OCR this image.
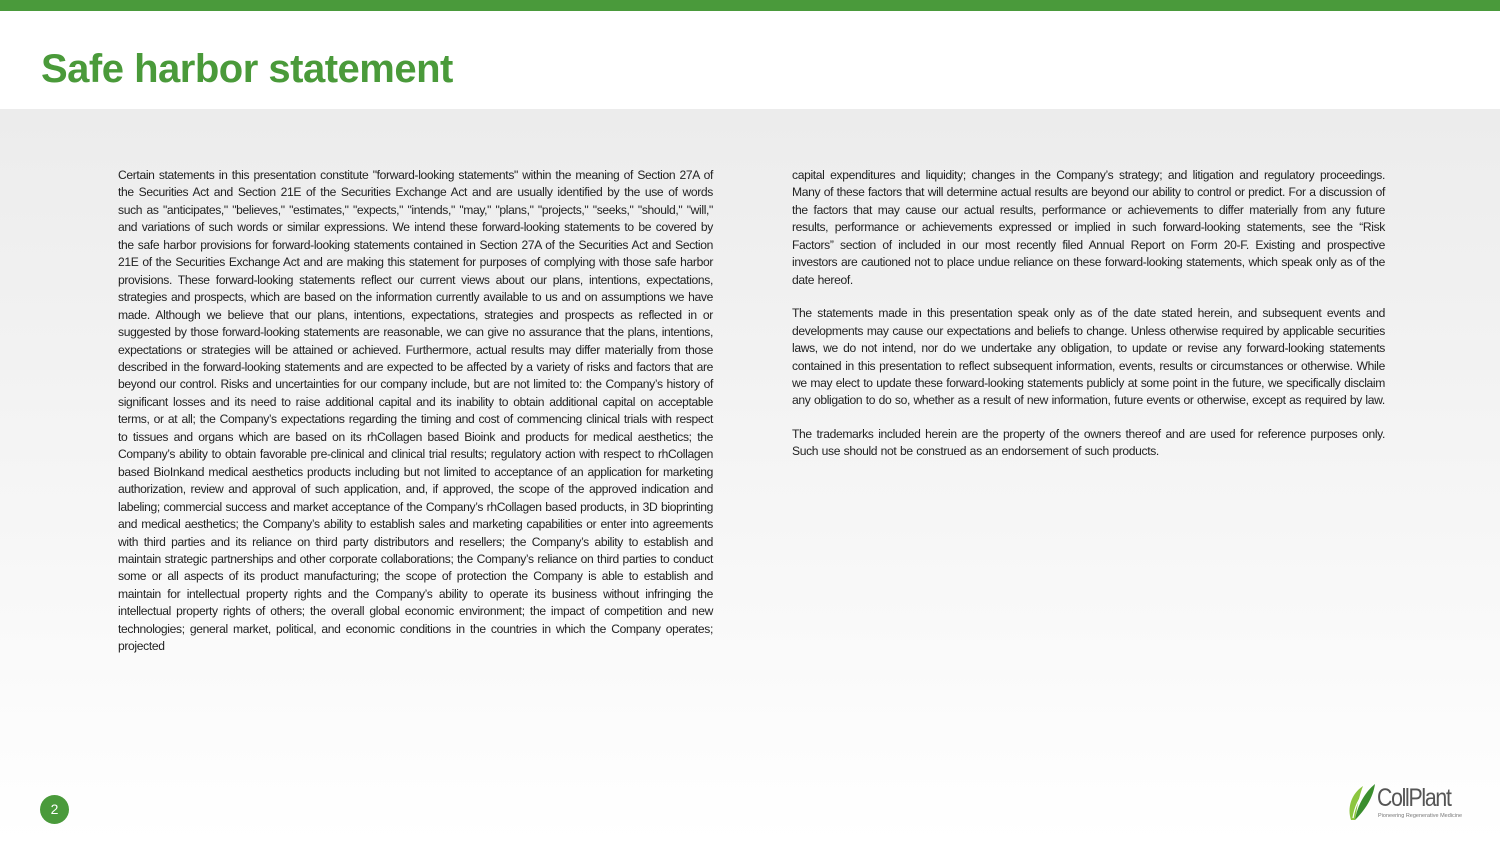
Safe harbor statement

Certain statements in this presentation constitute "forward-looking statements" within the meaning of Section 27A of the Securities Act and Section 21E of the Securities Exchange Act and are usually identified by the use of words such as "anticipates," "believes," "estimates," "expects," "intends," "may," "plans," "projects," "seeks," "should," "will," and variations of such words or similar expressions. We intend these forward-looking statements to be covered by the safe harbor provisions for forward-looking statements contained in Section 27A of the Securities Act and Section 21E of the Securities Exchange Act and are making this statement for purposes of complying with those safe harbor provisions. These forward-looking statements reflect our current views about our plans, intentions, expectations, strategies and prospects, which are based on the information currently available to us and on assumptions we have made. Although we believe that our plans, intentions, expectations, strategies and prospects as reflected in or suggested by those forward-looking statements are reasonable, we can give no assurance that the plans, intentions, expectations or strategies will be attained or achieved. Furthermore, actual results may differ materially from those described in the forward-looking statements and are expected to be affected by a variety of risks and factors that are beyond our control. Risks and uncertainties for our company include, but are not limited to: the Company’s history of significant losses and its need to raise additional capital and its inability to obtain additional capital on acceptable terms, or at all; the Company’s expectations regarding the timing and cost of commencing clinical trials with respect to tissues and organs which are based on its rhCollagen based Bioink and products for medical aesthetics; the Company’s ability to obtain favorable pre-clinical and clinical trial results; regulatory action with respect to rhCollagen based BioInkand medical aesthetics products including but not limited to acceptance of an application for marketing authorization, review and approval of such application, and, if approved, the scope of the approved indication and labeling; commercial success and market acceptance of the Company’s rhCollagen based products, in 3D bioprinting and medical aesthetics; the Company’s ability to establish sales and marketing capabilities or enter into agreements with third parties and its reliance on third party distributors and resellers; the Company’s ability to establish and maintain strategic partnerships and other corporate collaborations; the Company’s reliance on third parties to conduct some or all aspects of its product manufacturing; the scope of protection the Company is able to establish and maintain for intellectual property rights and the Company’s ability to operate its business without infringing the intellectual property rights of others; the overall global economic environment; the impact of competition and new technologies; general market, political, and economic conditions in the countries in which the Company operates; projected

capital expenditures and liquidity; changes in the Company’s strategy; and litigation and regulatory proceedings. Many of these factors that will determine actual results are beyond our ability to control or predict. For a discussion of the factors that may cause our actual results, performance or achievements to differ materially from any future results, performance or achievements expressed or implied in such forward-looking statements, see the “Risk Factors” section of included in our most recently filed Annual Report on Form 20-F. Existing and prospective investors are cautioned not to place undue reliance on these forward-looking statements, which speak only as of the date hereof.

The statements made in this presentation speak only as of the date stated herein, and subsequent events and developments may cause our expectations and beliefs to change. Unless otherwise required by applicable securities laws, we do not intend, nor do we undertake any obligation, to update or revise any forward-looking statements contained in this presentation to reflect subsequent information, events, results or circumstances or otherwise. While we may elect to update these forward-looking statements publicly at some point in the future, we specifically disclaim any obligation to do so, whether as a result of new information, future events or otherwise, except as required by law.

The trademarks included herein are the property of the owners thereof and are used for reference purposes only. Such use should not be construed as an endorsement of such products.

2	CollPlant
Pioneering Regenerative Medicine
